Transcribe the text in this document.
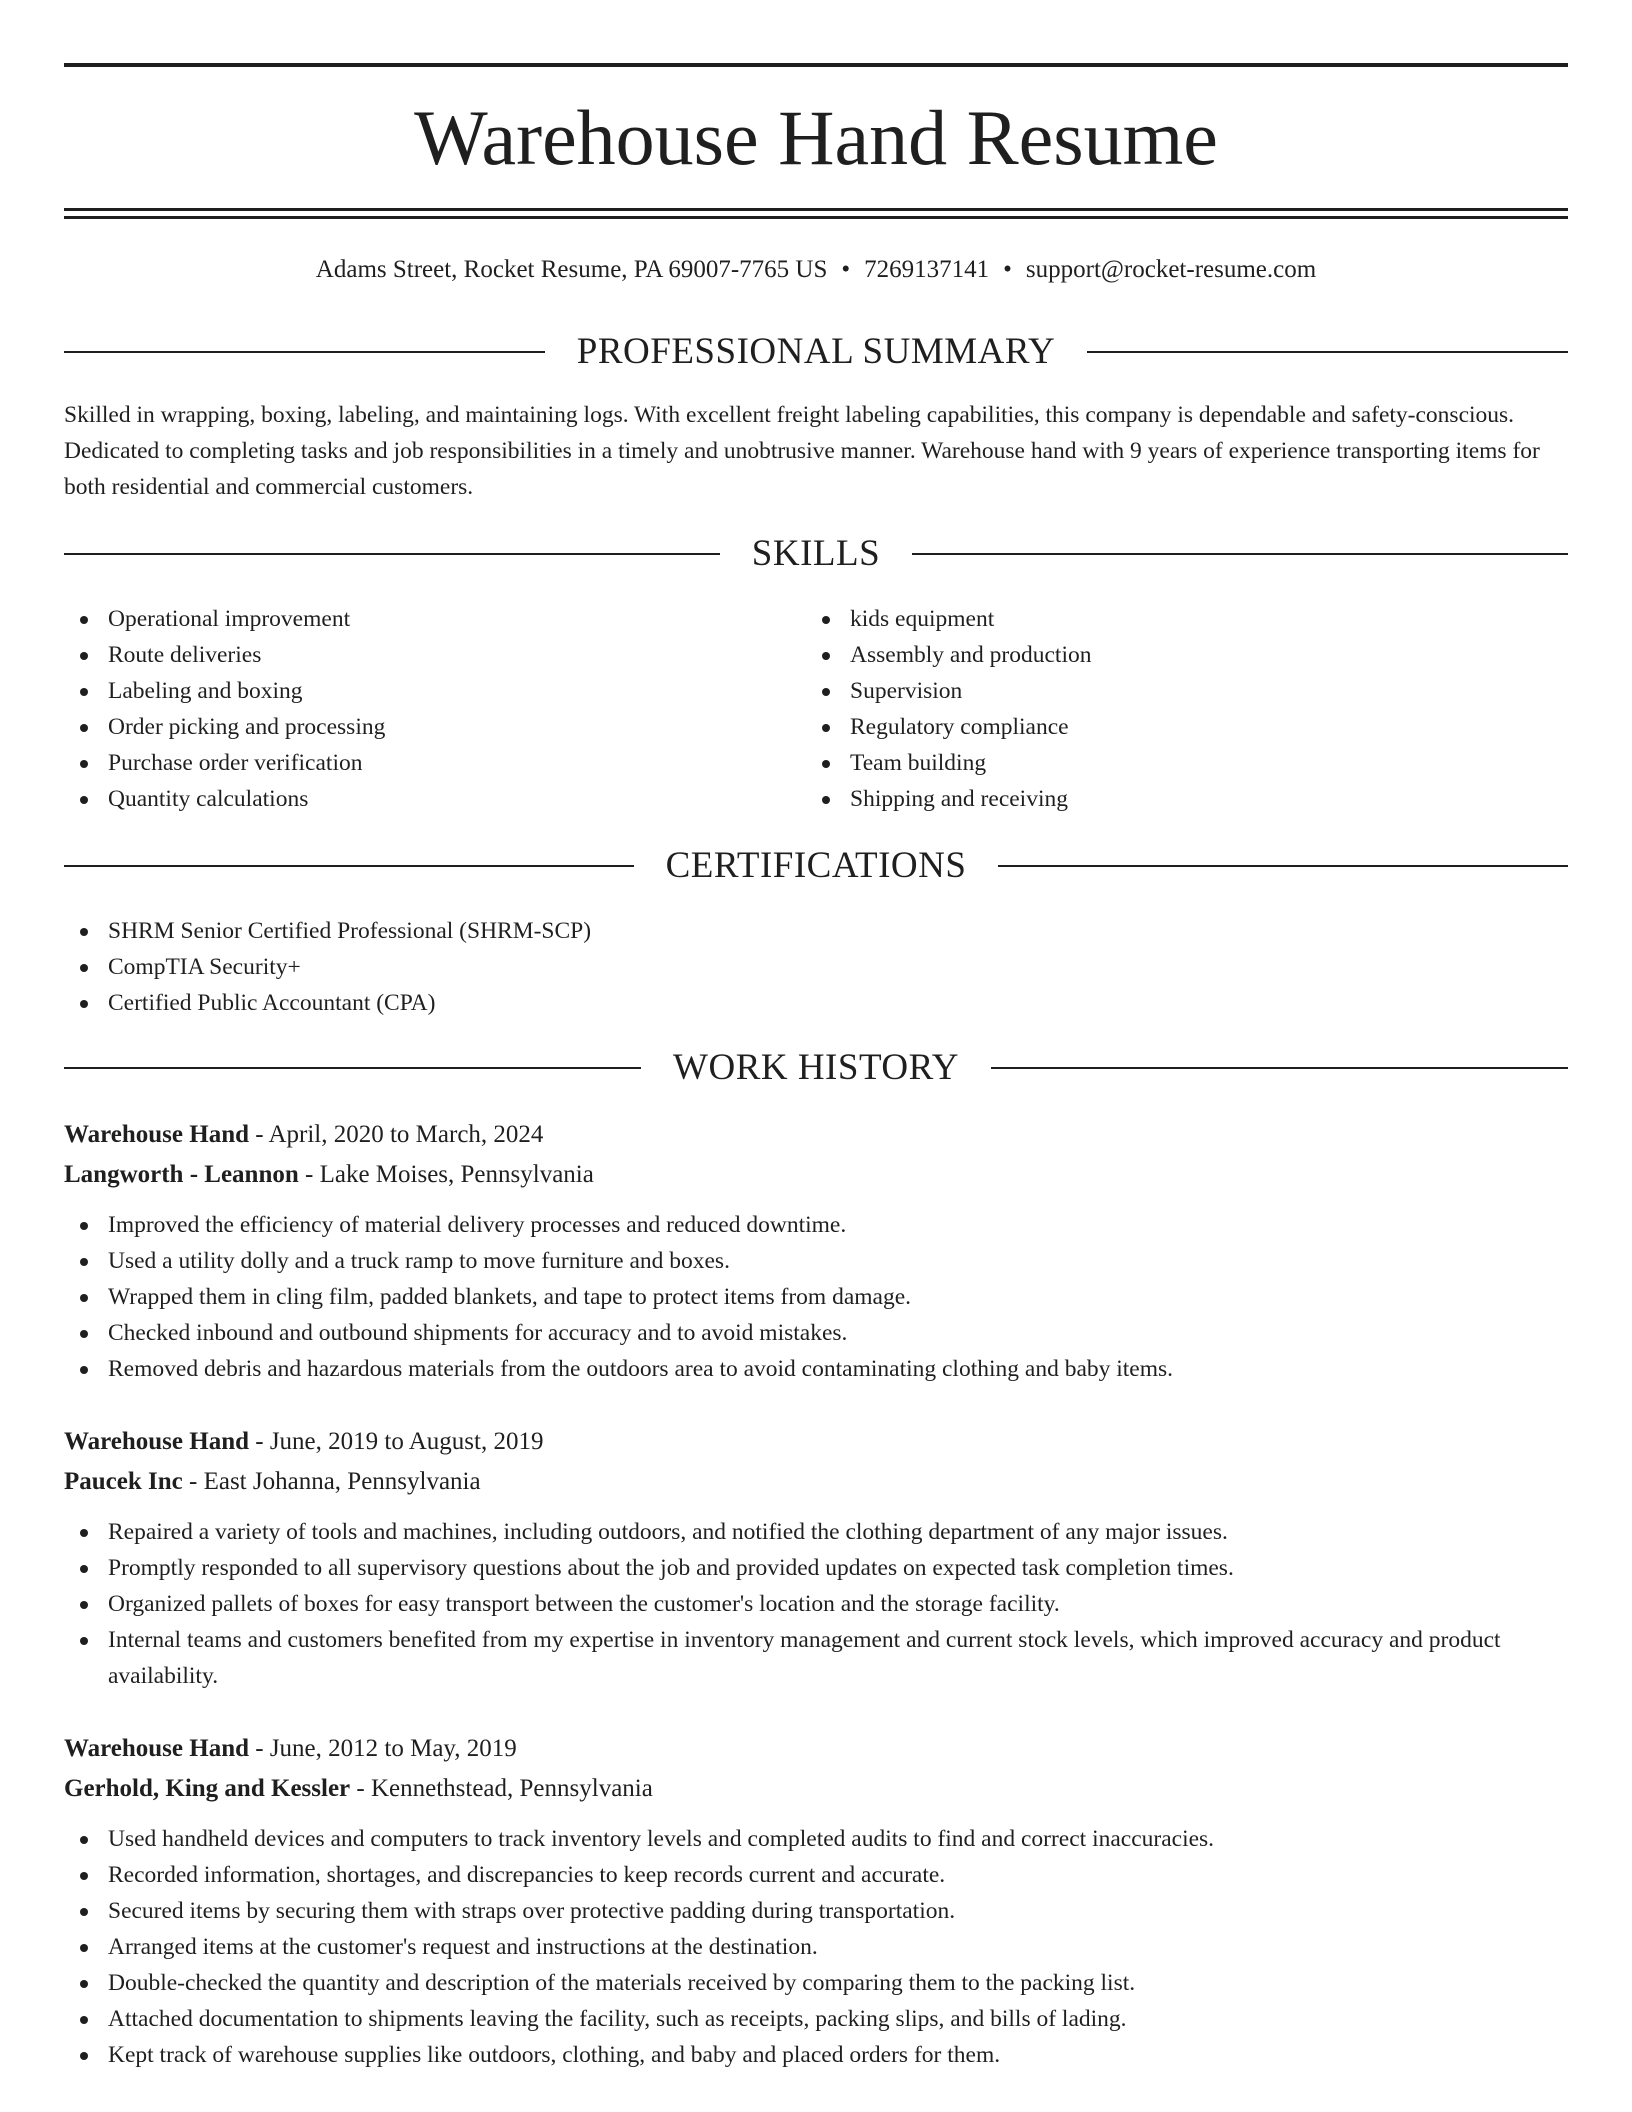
Warehouse Hand Resume
Adams Street, Rocket Resume, PA 69007-7765 US • 7269137141 • support@rocket-resume.com
PROFESSIONAL SUMMARY

Skilled in wrapping, boxing, labeling, and maintaining logs. With excellent freight labeling capabilities, this company is dependable and safety-conscious. Dedicated to completing tasks and job responsibilities in a timely and unobtrusive manner. Warehouse hand with 9 years of experience transporting items for both residential and commercial customers.

SKILLS
Operational improvement
Route deliveries
Labeling and boxing
Order picking and processing
Purchase order verification
Quantity calculations
kids equipment
Assembly and production
Supervision
Regulatory compliance
Team building
Shipping and receiving
CERTIFICATIONS
SHRM Senior Certified Professional (SHRM-SCP)
CompTIA Security+
Certified Public Accountant (CPA)
WORK HISTORY
Warehouse Hand - April, 2020 to March, 2024
Langworth - Leannon - Lake Moises, Pennsylvania
Improved the efficiency of material delivery processes and reduced downtime.
Used a utility dolly and a truck ramp to move furniture and boxes.
Wrapped them in cling film, padded blankets, and tape to protect items from damage.
Checked inbound and outbound shipments for accuracy and to avoid mistakes.
Removed debris and hazardous materials from the outdoors area to avoid contaminating clothing and baby items.
Warehouse Hand - June, 2019 to August, 2019
Paucek Inc - East Johanna, Pennsylvania
Repaired a variety of tools and machines, including outdoors, and notified the clothing department of any major issues.
Promptly responded to all supervisory questions about the job and provided updates on expected task completion times.
Organized pallets of boxes for easy transport between the customer's location and the storage facility.
Internal teams and customers benefited from my expertise in inventory management and current stock levels, which improved accuracy and product availability.
Warehouse Hand - June, 2012 to May, 2019
Gerhold, King and Kessler - Kennethstead, Pennsylvania
Used handheld devices and computers to track inventory levels and completed audits to find and correct inaccuracies.
Recorded information, shortages, and discrepancies to keep records current and accurate.
Secured items by securing them with straps over protective padding during transportation.
Arranged items at the customer's request and instructions at the destination.
Double-checked the quantity and description of the materials received by comparing them to the packing list.
Attached documentation to shipments leaving the facility, such as receipts, packing slips, and bills of lading.
Kept track of warehouse supplies like outdoors, clothing, and baby and placed orders for them.
